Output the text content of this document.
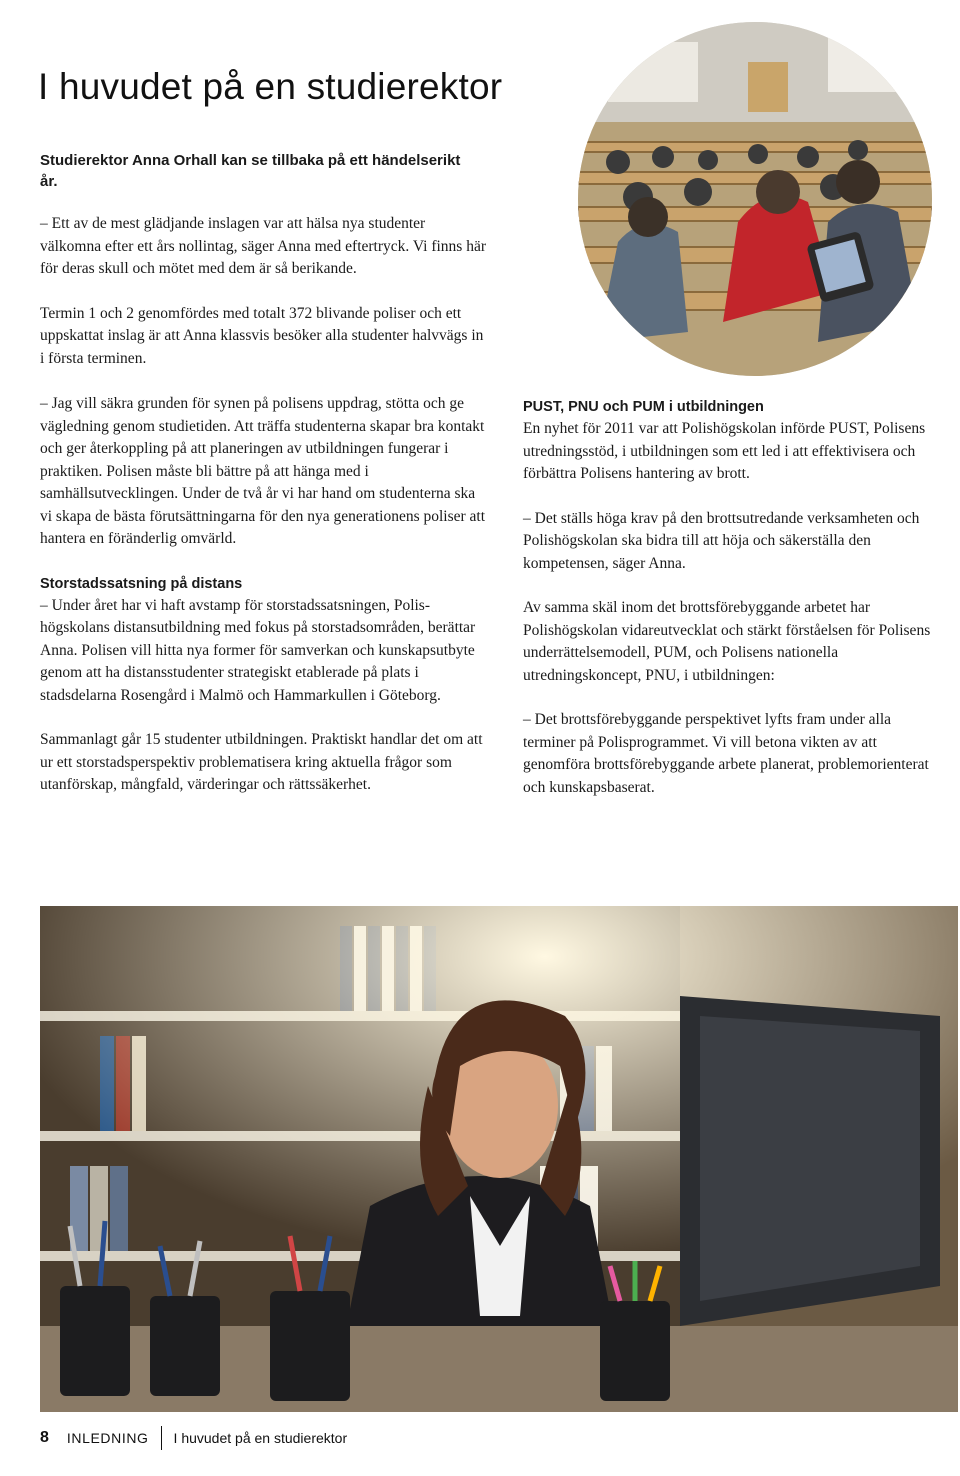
I huvudet på en studierektor

Studierektor Anna Orhall kan se tillbaka på ett händelserikt år.

– Ett av de mest glädjande inslagen var att hälsa nya studenter välkomna efter ett års nollintag, säger Anna med eftertryck. Vi finns här för deras skull och mötet med dem är så berikande.

Termin 1 och 2 genomfördes med totalt 372 blivande poliser och ett uppskattat inslag är att Anna klassvis besöker alla studenter halvvägs in i första terminen.

– Jag vill säkra grunden för synen på polisens uppdrag, stötta och ge vägledning genom studietiden. Att träffa studenterna skapar bra kontakt och ger återkoppling på att planeringen av utbildningen fungerar i praktiken. Polisen måste bli bättre på att hänga med i samhällsutvecklingen. Under de två år vi har hand om studenterna ska vi skapa de bästa förutsättningarna för den nya generationens poliser att hantera en föränderlig omvärld.

Storstadssatsning på distans

– Under året har vi haft avstamp för storstadssatsningen, Polishögskolans distansutbildning med fokus på storstadsområden, berättar Anna. Polisen vill hitta nya former för samverkan och kunskapsutbyte genom att ha distansstudenter strategiskt etablerade på plats i stadsdelarna Rosengård i Malmö och Hammarkullen i Göteborg.

Sammanlagt går 15 studenter utbildningen. Praktiskt handlar det om att ur ett storstadsperspektiv problematisera kring aktuella frågor som utanförskap, mångfald, värderingar och rättssäkerhet.

PUST, PNU och PUM i utbildningen

En nyhet för 2011 var att Polishögskolan införde PUST, Polisens utredningsstöd, i utbildningen som ett led i att effektivisera och förbättra Polisens hantering av brott.

– Det ställs höga krav på den brottsutredande verksamheten och Polishögskolan ska bidra till att höja och säkerställa den kompetensen, säger Anna.

Av samma skäl inom det brottsförebyggande arbetet har Polishögskolan vidareutvecklat och stärkt förståelsen för Polisens underrättelsemodell, PUM, och Polisens nationella utredningskoncept, PNU, i utbildningen:

– Det brottsförebyggande perspektivet lyfts fram under alla terminer på Polisprogrammet. Vi vill betona vikten av att genomföra brottsförebyggande arbete planerat, problemorienterat och kunskapsbaserat.

8 INLEDNING I huvudet på en studierektor
